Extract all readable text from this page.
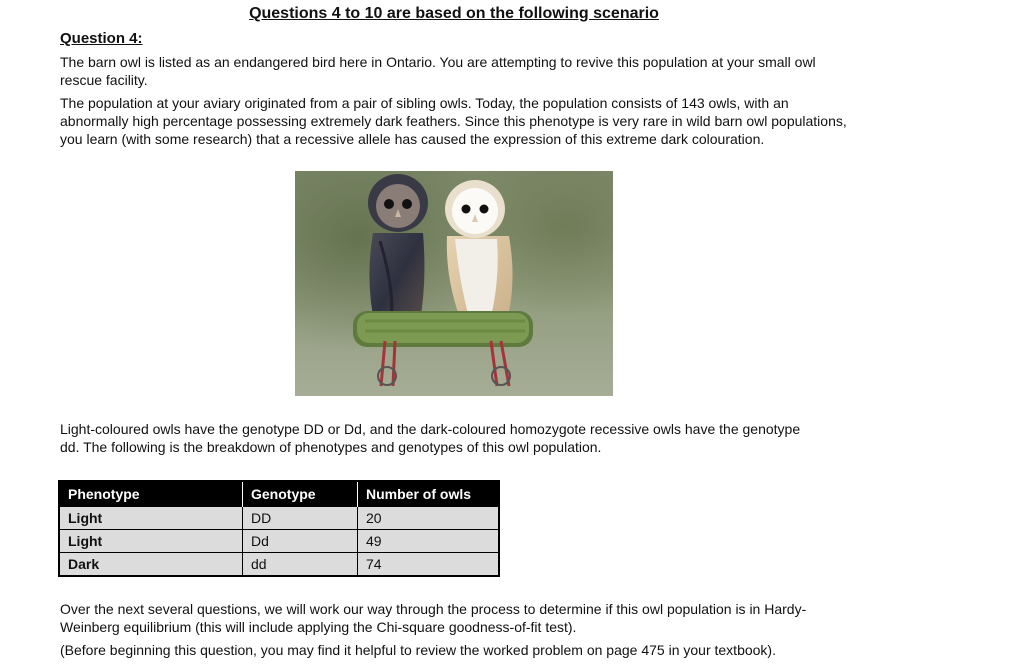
Questions 4 to 10 are based on the following scenario
Question 4:
The barn owl is listed as an endangered bird here in Ontario. You are attempting to revive this population at your small owl rescue facility.
The population at your aviary originated from a pair of sibling owls. Today, the population consists of 143 owls, with an abnormally high percentage possessing extremely dark feathers. Since this phenotype is very rare in wild barn owl populations, you learn (with some research) that a recessive allele has caused the expression of this extreme dark colouration.
Light-coloured owls have the genotype DD or Dd, and the dark-coloured homozygote recessive owls have the genotype dd. The following is the breakdown of phenotypes and genotypes of this owl population.
Phenotype	Genotype	Number of owls
Light	DD	20
Light	Dd	49
Dark	dd	74
Over the next several questions, we will work our way through the process to determine if this owl population is in Hardy-Weinberg equilibrium (this will include applying the Chi-square goodness-of-fit test).
(Before beginning this question, you may find it helpful to review the worked problem on page 475 in your textbook).
